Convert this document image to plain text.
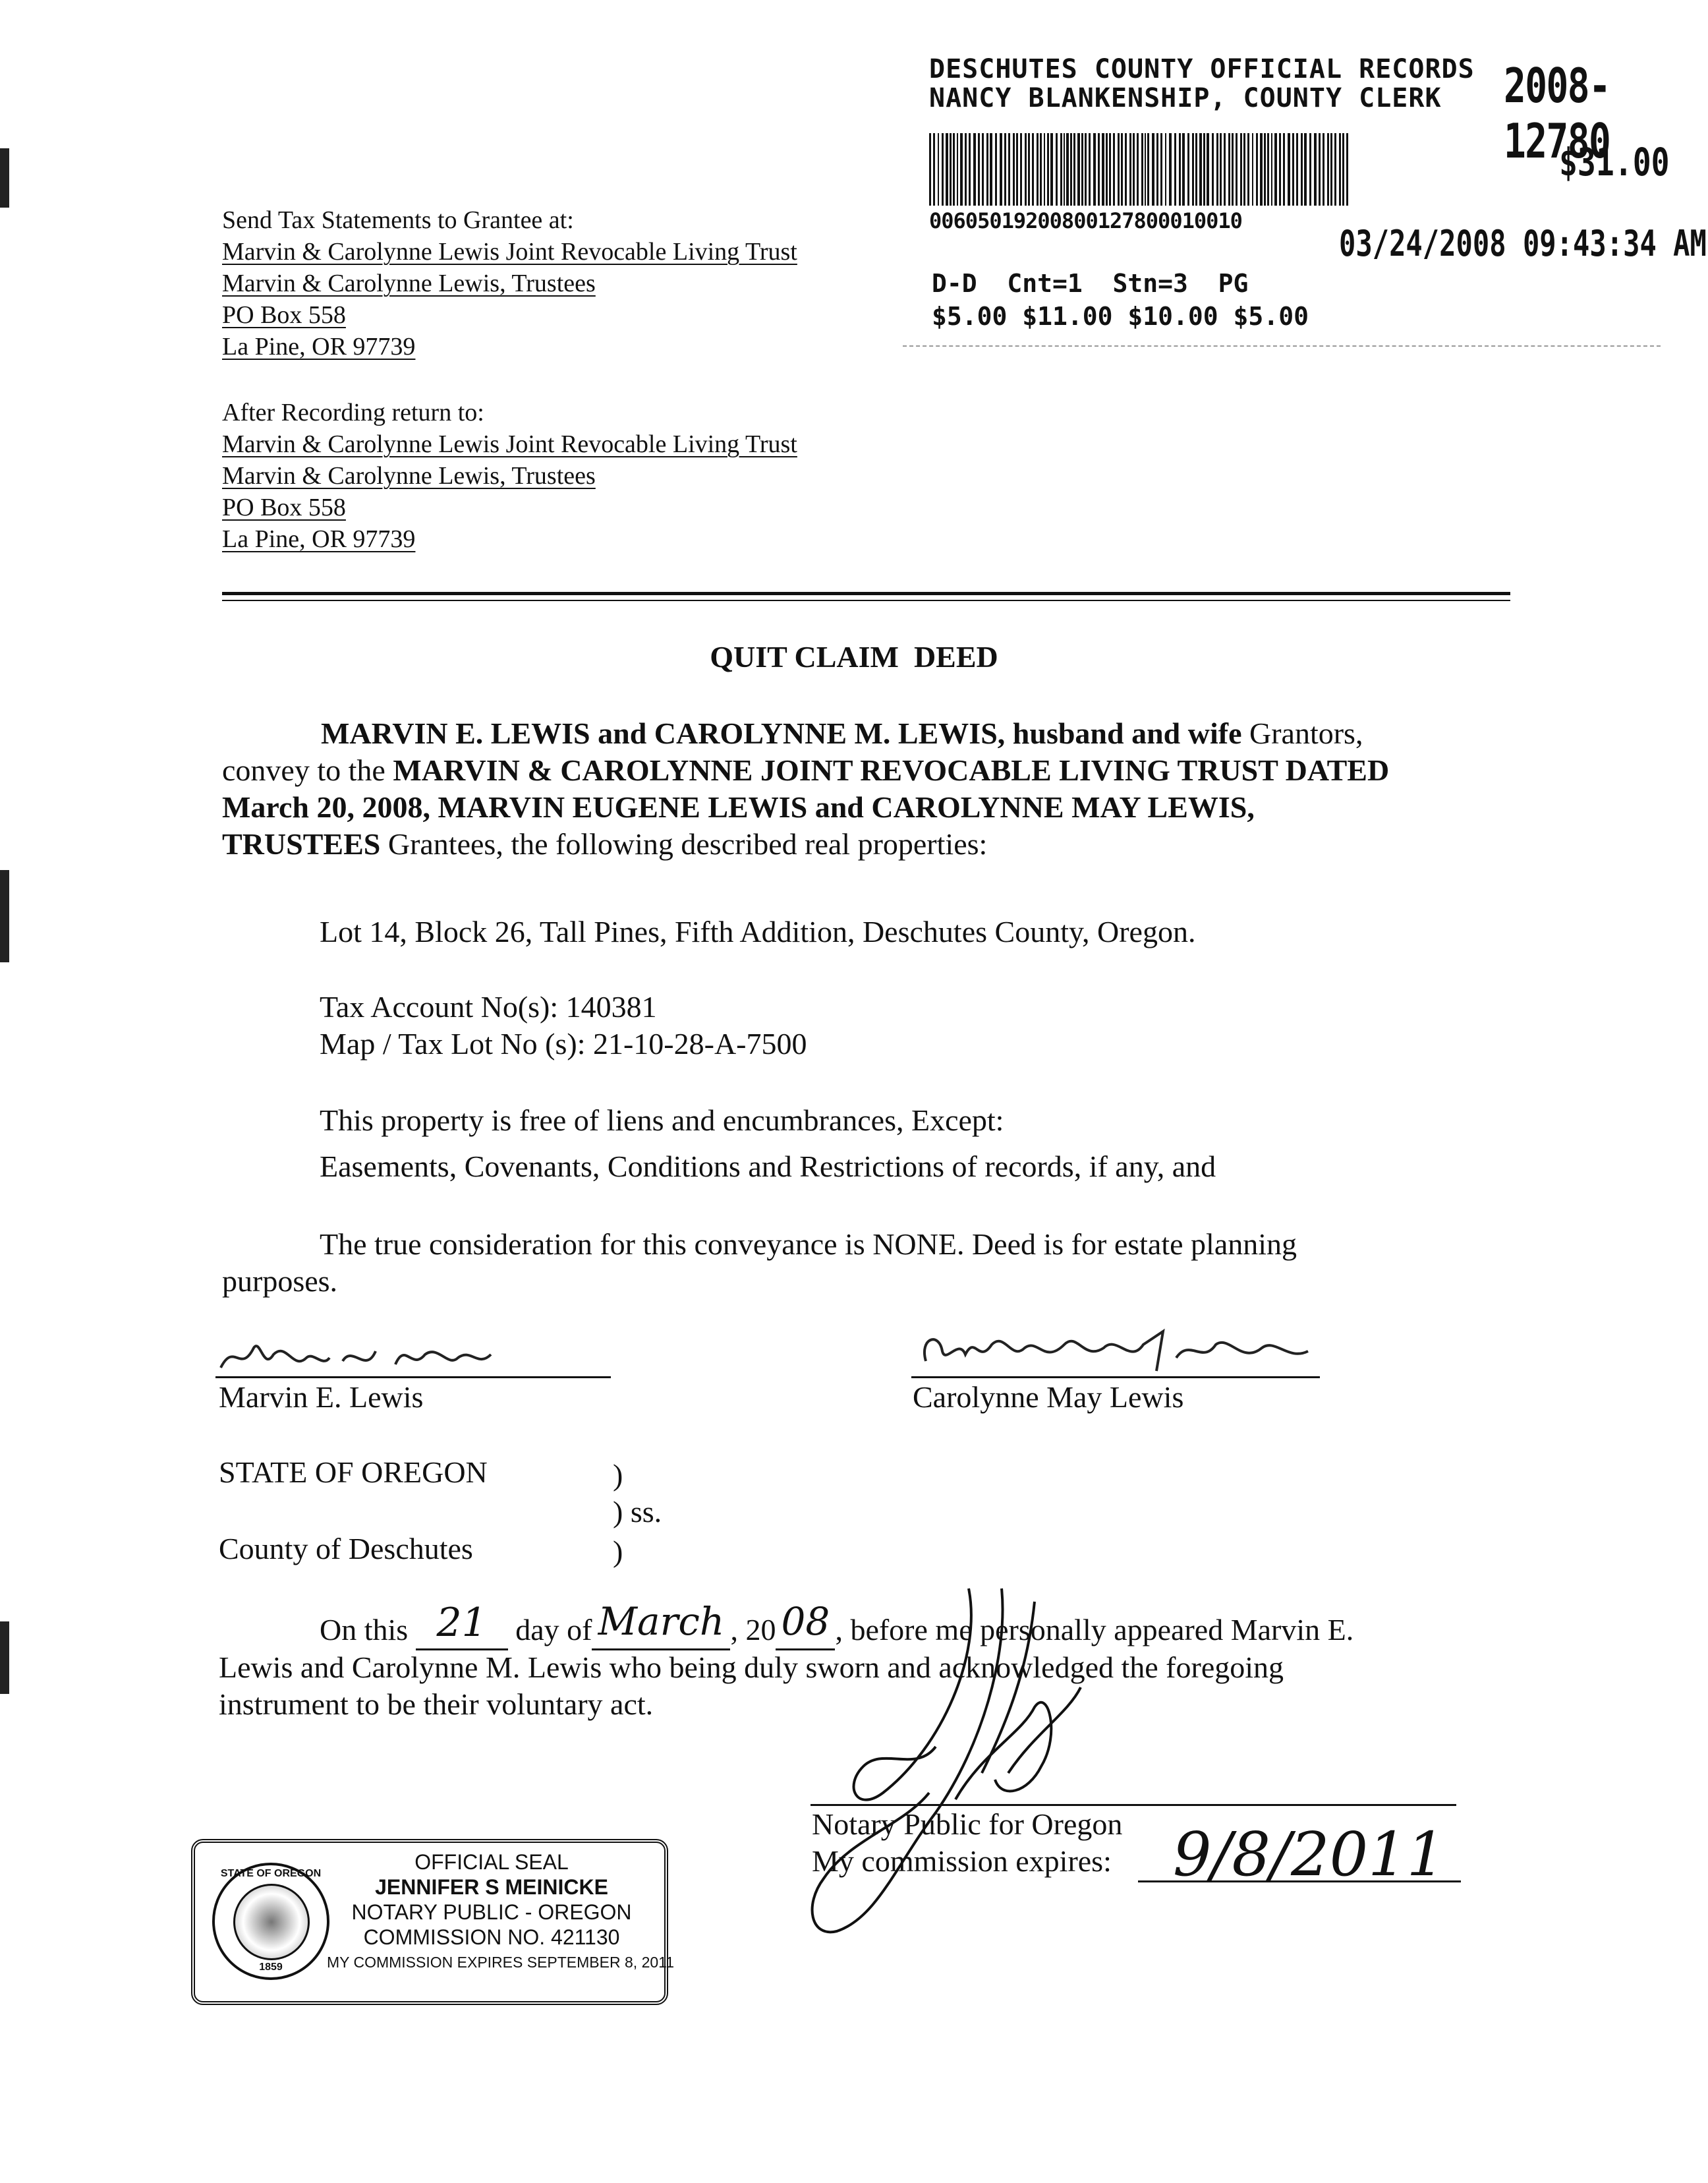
DESCHUTES COUNTY OFFICIAL RECORDS
NANCY BLANKENSHIP, COUNTY CLERK 2008-12780
$31.00
00605019200800127800010010
03/24/2008 09:43:34 AM
D-D  Cnt=1  Stn=3  PG
$5.00 $11.00 $10.00 $5.00
Send Tax Statements to Grantee at:
Marvin & Carolynne Lewis Joint Revocable Living Trust
Marvin & Carolynne Lewis, Trustees
PO Box 558
La Pine, OR 97739
After Recording return to:
Marvin & Carolynne Lewis Joint Revocable Living Trust
Marvin & Carolynne Lewis, Trustees
PO Box 558
La Pine, OR 97739
QUIT CLAIM  DEED
MARVIN E. LEWIS and CAROLYNNE M. LEWIS, husband and wife Grantors,
convey to the MARVIN & CAROLYNNE JOINT REVOCABLE LIVING TRUST DATED
March 20, 2008, MARVIN EUGENE LEWIS and CAROLYNNE MAY LEWIS,
TRUSTEES Grantees, the following described real properties:
Lot 14, Block 26, Tall Pines, Fifth Addition, Deschutes County, Oregon.
Tax Account No(s): 140381
Map / Tax Lot No (s): 21-10-28-A-7500
This property is free of liens and encumbrances, Except:
Easements, Covenants, Conditions and Restrictions of records, if any, and
The true consideration for this conveyance is NONE. Deed is for estate planning
purposes.
Marvin E. Lewis	Carolynne May Lewis
STATE OF OREGON	)
) ss.
County of Deschutes	)
On this 21 day of March , 20 08 , before me personally appeared Marvin E.
Lewis and Carolynne M. Lewis who being duly sworn and acknowledged the foregoing
instrument to be their voluntary act.
Notary Public for Oregon
My commission expires: 9/8/2011
STATE OF OREGON
1859
OFFICIAL SEAL
JENNIFER S MEINICKE
NOTARY PUBLIC - OREGON
COMMISSION NO. 421130
MY COMMISSION EXPIRES SEPTEMBER 8, 2011
